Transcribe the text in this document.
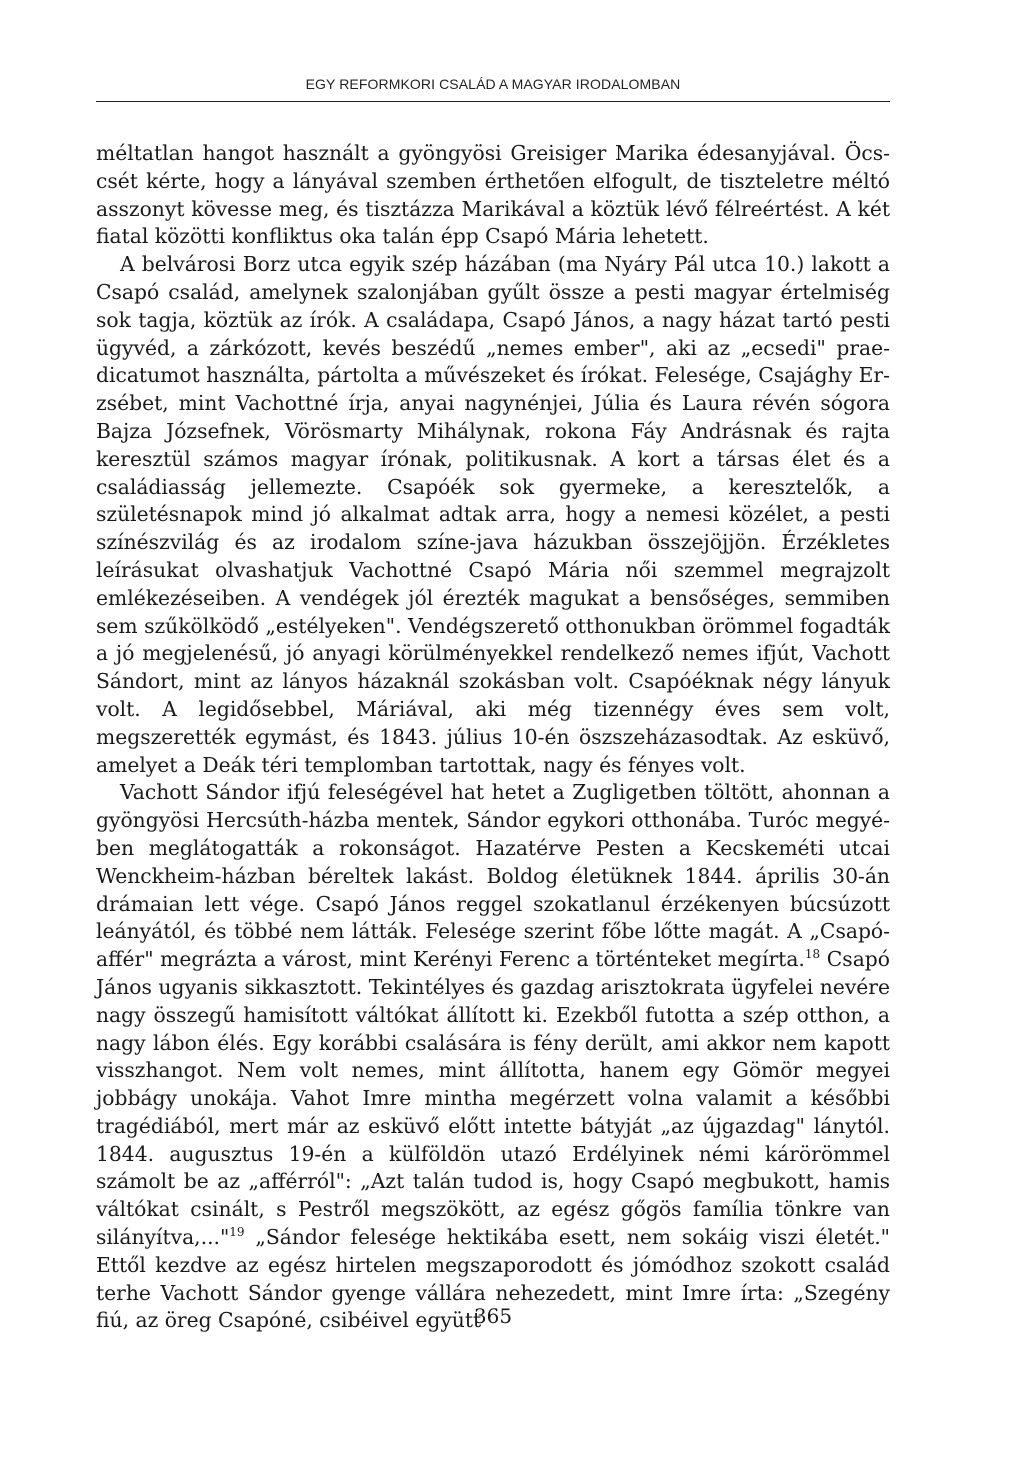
EGY REFORMKORI CSALÁD A MAGYAR IRODALOMBAN

méltatlan hangot használt a gyöngyösi Greisiger Marika édesanyjával. Öcscsét kérte, hogy a lányával szemben érthetően elfogult, de tiszteletre méltó asszonyt kövesse meg, és tisztázza Marikával a köztük lévő félreértést. A két fiatal közötti konfliktus oka talán épp Csapó Mária lehetett.

A belvárosi Borz utca egyik szép házában (ma Nyáry Pál utca 10.) lakott a Csapó család, amelynek szalonjában gyűlt össze a pesti magyar értelmiség sok tagja, köztük az írók. A családapa, Csapó János, a nagy házat tartó pesti ügyvéd, a zárkózott, kevés beszédű „nemes ember", aki az „ecsedi" praedicatumot használta, pártolta a művészeket és írókat. Felesége, Csajághy Erzsébet, mint Vachottné írja, anyai nagynénjei, Júlia és Laura révén sógora Bajza Józsefnek, Vörösmarty Mihálynak, rokona Fáy Andrásnak és rajta keresztül számos magyar írónak, politikusnak. A kort a társas élet és a családiasság jellemezte. Csapóék sok gyermeke, a keresztelők, a születésnapok mind jó alkalmat adtak arra, hogy a nemesi közélet, a pesti színészvilág és az irodalom színe-java házukban összejöjjön. Érzékletes leírásukat olvashatjuk Vachottné Csapó Mária női szemmel megrajzolt emlékezéseiben. A vendégek jól érezték magukat a bensőséges, semmiben sem szűkölködő „estélyeken". Vendégszerető otthonukban örömmel fogadták a jó megjelenésű, jó anyagi körülményekkel rendelkező nemes ifjút, Vachott Sándort, mint az lányos házaknál szokásban volt. Csapóéknak négy lányuk volt. A legidősebbel, Máriával, aki még tizennégy éves sem volt, megszerették egymást, és 1843. július 10-én öszszeházasodtak. Az esküvő, amelyet a Deák téri templomban tartottak, nagy és fényes volt.

Vachott Sándor ifjú feleségével hat hetet a Zugligetben töltött, ahonnan a gyöngyösi Hercsúth-házba mentek, Sándor egykori otthonába. Turóc megyében meglátogatták a rokonságot. Hazatérve Pesten a Kecskeméti utcai Wenckheim-házban béreltek lakást. Boldog életüknek 1844. április 30-án drámaian lett vége. Csapó János reggel szokatlanul érzékenyen búcsúzott leányától, és többé nem látták. Felesége szerint főbe lőtte magát. A „Csapó-affér" megrázta a várost, mint Kerényi Ferenc a történteket megírta.$^{18}$ Csapó János ugyanis sikkasztott. Tekintélyes és gazdag arisztokrata ügyfelei nevére nagy összegű hamisított váltókat állított ki. Ezekből futotta a szép otthon, a nagy lábon élés. Egy korábbi csalására is fény derült, ami akkor nem kapott visszhangot. Nem volt nemes, mint állította, hanem egy Gömör megyei jobbágy unokája. Vahot Imre mintha megérzett volna valamit a későbbi tragédiából, mert már az esküvő előtt intette bátyját „az újgazdag" lánytól. 1844. augusztus 19-én a külföldön utazó Erdélyinek némi kárörömmel számolt be az „afférról": „Azt talán tudod is, hogy Csapó megbukott, hamis váltókat csinált, s Pestről megszökött, az egész gőgös família tönkre van silányítva,..."$^{19}$ „Sándor felesége hektikába esett, nem sokáig viszi életét." Ettől kezdve az egész hirtelen megszaporodott és jómódhoz szokott család terhe Vachott Sándor gyenge vállára nehezedett, mint Imre írta: „Szegény fiú, az öreg Csapóné, csibéivel együtt

365
